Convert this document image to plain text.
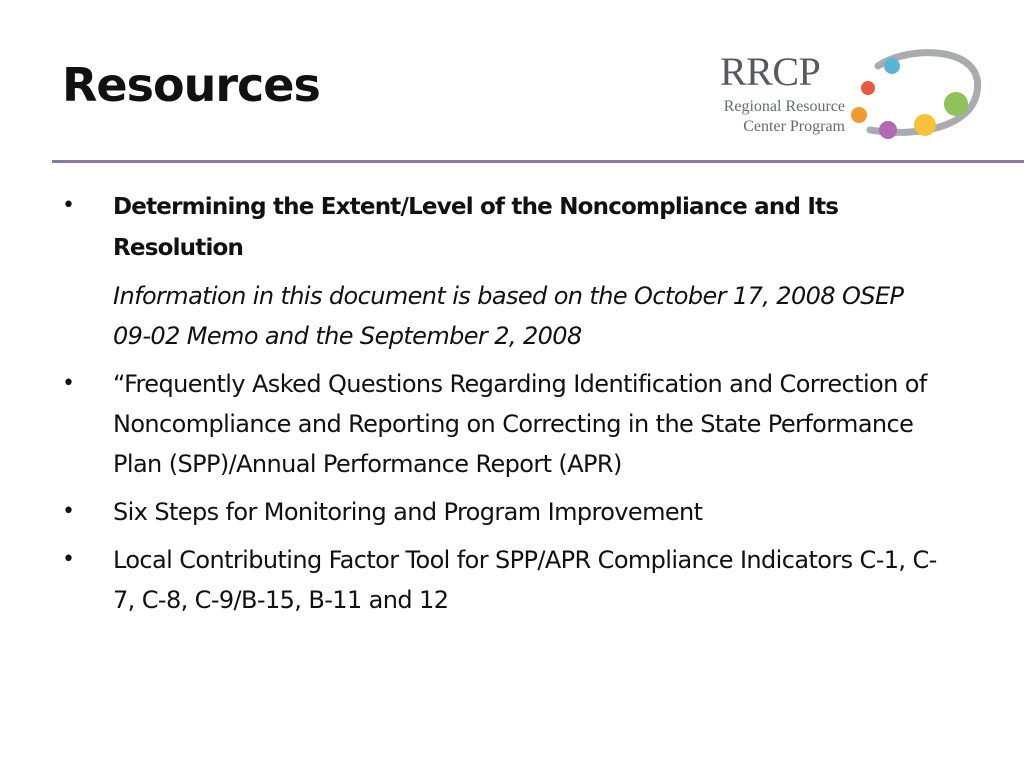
Resources	RRCP
Regional Resource
Center Program
• Determining the Extent/Level of the Noncompliance and Its Resolution
Information in this document is based on the October 17, 2008 OSEP 09-02 Memo and the September 2, 2008
• “Frequently Asked Questions Regarding Identification and Correction of Noncompliance and Reporting on Correcting in the State Performance Plan (SPP)/Annual Performance Report (APR)
• Six Steps for Monitoring and Program Improvement
• Local Contributing Factor Tool for SPP/APR Compliance Indicators C-1, C-7, C-8, C-9/B-15, B-11 and 12
